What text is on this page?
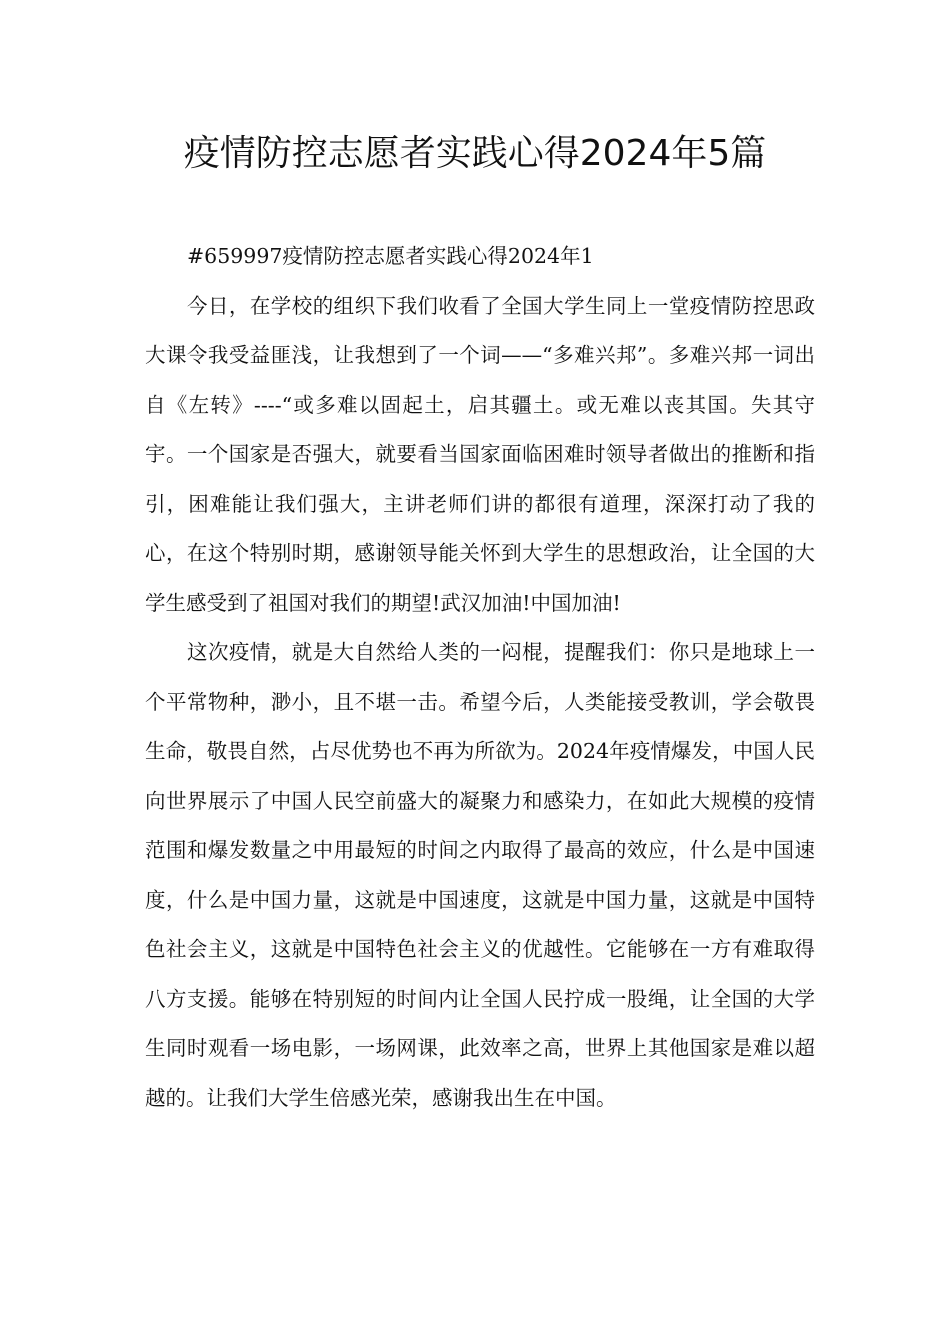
疫情防控志愿者实践心得2024年5篇

#659997疫情防控志愿者实践心得2024年1

今日，在学校的组织下我们收看了全国大学生同上一堂疫情防控思政大课令我受益匪浅，让我想到了一个词——“多难兴邦”。多难兴邦一词出自《左转》----“或多难以固起土，启其疆土。或无难以丧其国。失其守宇。一个国家是否强大，就要看当国家面临困难时领导者做出的推断和指引，困难能让我们强大，主讲老师们讲的都很有道理，深深打动了我的心，在这个特别时期，感谢领导能关怀到大学生的思想政治，让全国的大学生感受到了祖国对我们的期望!武汉加油!中国加油!

这次疫情，就是大自然给人类的一闷棍，提醒我们：你只是地球上一个平常物种，渺小，且不堪一击。希望今后，人类能接受教训，学会敬畏生命，敬畏自然，占尽优势也不再为所欲为。2024年疫情爆发，中国人民向世界展示了中国人民空前盛大的凝聚力和感染力，在如此大规模的疫情范围和爆发数量之中用最短的时间之内取得了最高的效应，什么是中国速度，什么是中国力量，这就是中国速度，这就是中国力量，这就是中国特色社会主义，这就是中国特色社会主义的优越性。它能够在一方有难取得八方支援。能够在特别短的时间内让全国人民拧成一股绳，让全国的大学生同时观看一场电影，一场网课，此效率之高，世界上其他国家是难以超越的。让我们大学生倍感光荣，感谢我出生在中国。
